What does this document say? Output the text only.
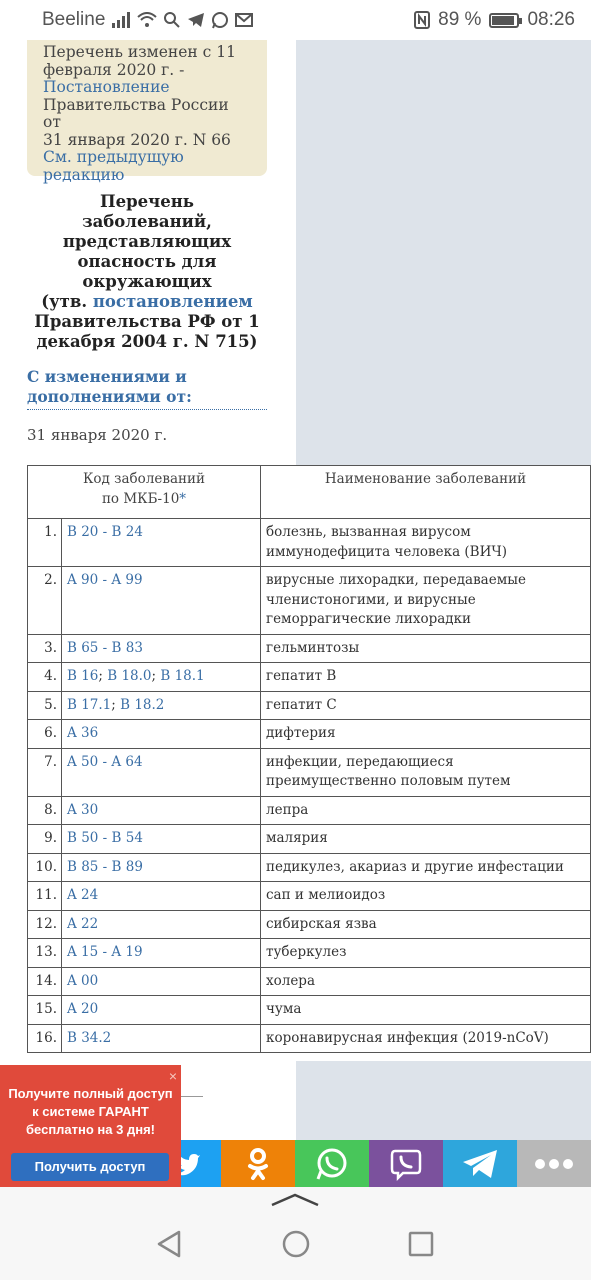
Beeline	89 % 08:26
Перечень изменен с 11
февраля 2020 г. -
Постановление
Правительства России от
31 января 2020 г. N 66
См. предыдущую
редакцию
Перечень
заболеваний,
представляющих
опасность для
окружающих
(утв. постановлением
Правительства РФ от 1
декабря 2004 г. N 715)
С изменениями и
дополнениями от:
31 января 2020 г.
Код заболеваний
по МКБ-10*		Наименование заболеваний
1.	B 20 - B 24	болезнь, вызванная вирусом иммунодефицита человека (ВИЧ)
2.	A 90 - A 99	вирусные лихорадки, передаваемые членистоногими, и вирусные геморрагические лихорадки
3.	B 65 - B 83	гельминтозы
4.	B 16; B 18.0; B 18.1	гепатит B
5.	B 17.1; B 18.2	гепатит C
6.	A 36	дифтерия
7.	A 50 - A 64	инфекции, передающиеся преимущественно половым путем
8.	A 30	лепра
9.	B 50 - B 54	малярия
10.	B 85 - B 89	педикулез, акариаз и другие инфестации
11.	A 24	сап и мелиоидоз
12.	A 22	сибирская язва
13.	A 15 - A 19	туберкулез
14.	A 00	холера
15.	A 20	чума
16.	B 34.2	коронавирусная инфекция (2019-nCoV)
×
Получите полный доступ к системе ГАРАНТ бесплатно на 3 дня!
Получить доступ
